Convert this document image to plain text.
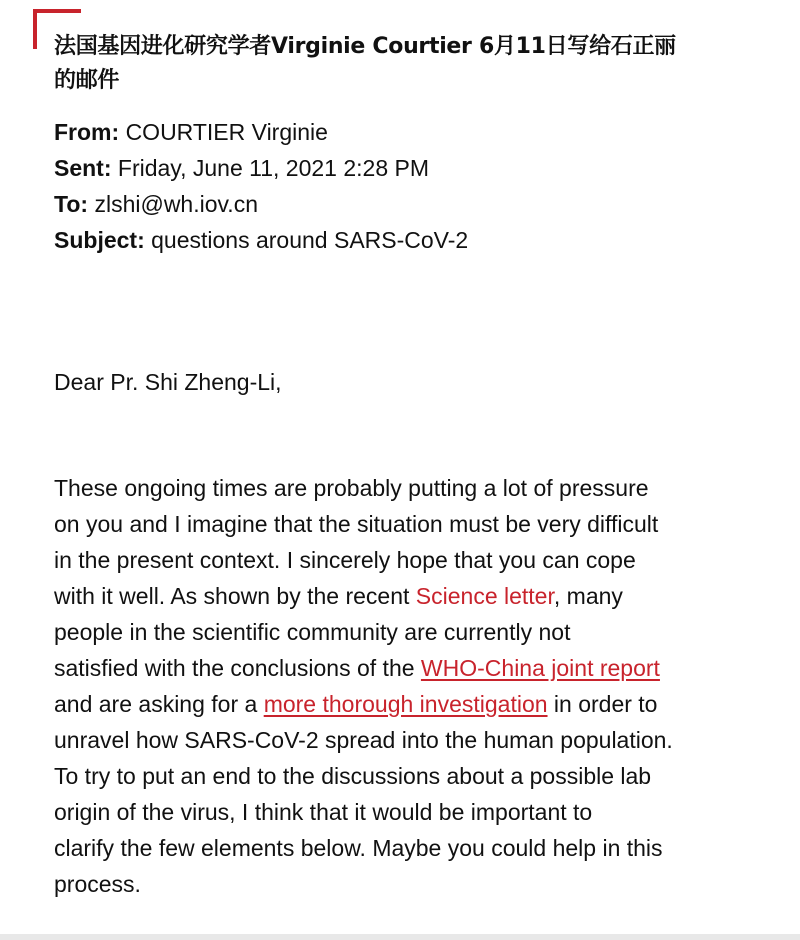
法国基因进化研究学者Virginie Courtier 6月11日写给石正丽
的邮件
From: COURTIER Virginie
Sent: Friday, June 11, 2021 2:28 PM
To: zlshi@wh.iov.cn
Subject: questions around SARS-CoV-2

Dear Pr. Shi Zheng-Li,

These ongoing times are probably putting a lot of pressure
on you and I imagine that the situation must be very difficult
in the present context. I sincerely hope that you can cope
with it well. As shown by the recent Science letter, many
people in the scientific community are currently not
satisfied with the conclusions of the WHO-China joint report
and are asking for a more thorough investigation in order to
unravel how SARS-CoV-2 spread into the human population.
To try to put an end to the discussions about a possible lab
origin of the virus, I think that it would be important to
clarify the few elements below. Maybe you could help in this
process.
